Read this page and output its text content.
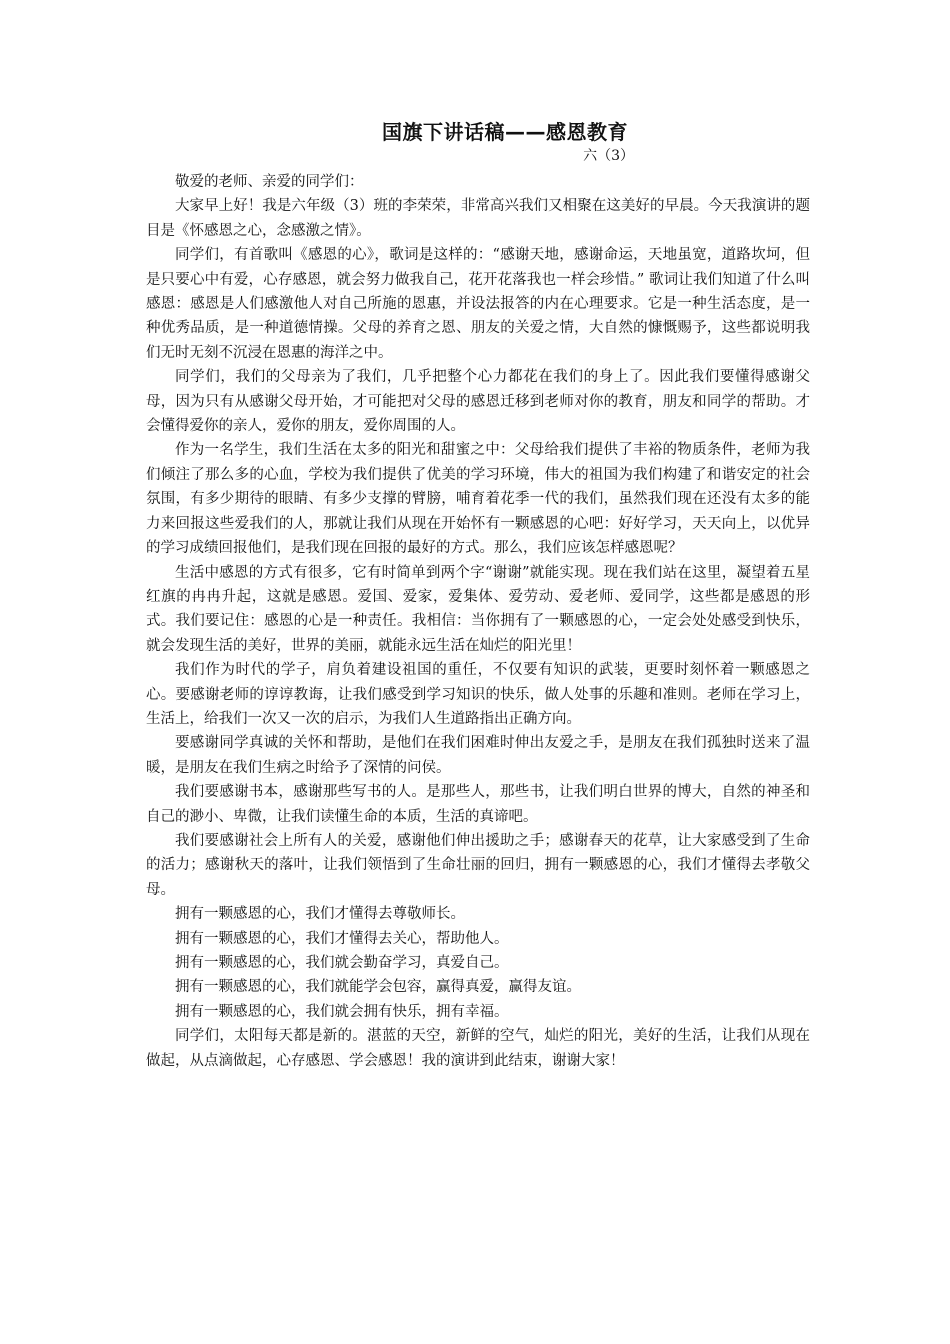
国旗下讲话稿——感恩教育
六（3）

敬爱的老师、亲爱的同学们：

大家早上好！我是六年级（3）班的李荣荣，非常高兴我们又相聚在这美好的早晨。今天我演讲的题目是《怀感恩之心，念感激之情》。

同学们，有首歌叫《感恩的心》，歌词是这样的：“感谢天地，感谢命运，天地虽宽，道路坎坷，但是只要心中有爱，心存感恩，就会努力做我自己，花开花落我也一样会珍惜。” 歌词让我们知道了什么叫感恩：感恩是人们感激他人对自己所施的恩惠，并设法报答的内在心理要求。它是一种生活态度，是一种优秀品质，是一种道德情操。父母的养育之恩、朋友的关爱之情，大自然的慷慨赐予，这些都说明我们无时无刻不沉浸在恩惠的海洋之中。

同学们，我们的父母亲为了我们，几乎把整个心力都花在我们的身上了。因此我们要懂得感谢父母，因为只有从感谢父母开始，才可能把对父母的感恩迁移到老师对你的教育，朋友和同学的帮助。才会懂得爱你的亲人，爱你的朋友，爱你周围的人。

作为一名学生，我们生活在太多的阳光和甜蜜之中：父母给我们提供了丰裕的物质条件，老师为我们倾注了那么多的心血，学校为我们提供了优美的学习环境，伟大的祖国为我们构建了和谐安定的社会氛围，有多少期待的眼睛、有多少支撑的臂膀，哺育着花季一代的我们，虽然我们现在还没有太多的能力来回报这些爱我们的人，那就让我们从现在开始怀有一颗感恩的心吧：好好学习，天天向上，以优异的学习成绩回报他们，是我们现在回报的最好的方式。那么，我们应该怎样感恩呢？

生活中感恩的方式有很多，它有时简单到两个字“谢谢”就能实现。现在我们站在这里，凝望着五星红旗的冉冉升起，这就是感恩。爱国、爱家，爱集体、爱劳动、爱老师、爱同学，这些都是感恩的形式。我们要记住：感恩的心是一种责任。我相信：当你拥有了一颗感恩的心，一定会处处感受到快乐，就会发现生活的美好，世界的美丽，就能永远生活在灿烂的阳光里！

我们作为时代的学子，肩负着建设祖国的重任，不仅要有知识的武装，更要时刻怀着一颗感恩之心。要感谢老师的谆谆教诲，让我们感受到学习知识的快乐，做人处事的乐趣和准则。老师在学习上，生活上，给我们一次又一次的启示，为我们人生道路指出正确方向。

要感谢同学真诚的关怀和帮助，是他们在我们困难时伸出友爱之手，是朋友在我们孤独时送来了温暖，是朋友在我们生病之时给予了深情的问侯。

我们要感谢书本，感谢那些写书的人。是那些人，那些书，让我们明白世界的博大，自然的神圣和自己的渺小、卑微，让我们读懂生命的本质，生活的真谛吧。

我们要感谢社会上所有人的关爱，感谢他们伸出援助之手；感谢春天的花草，让大家感受到了生命的活力；感谢秋天的落叶，让我们领悟到了生命壮丽的回归，拥有一颗感恩的心，我们才懂得去孝敬父母。

拥有一颗感恩的心，我们才懂得去尊敬师长。

拥有一颗感恩的心，我们才懂得去关心，帮助他人。

拥有一颗感恩的心，我们就会勤奋学习，真爱自己。

拥有一颗感恩的心，我们就能学会包容，赢得真爱，赢得友谊。

拥有一颗感恩的心，我们就会拥有快乐，拥有幸福。

同学们，太阳每天都是新的。湛蓝的天空，新鲜的空气，灿烂的阳光，美好的生活，让我们从现在做起，从点滴做起，心存感恩、学会感恩！我的演讲到此结束，谢谢大家！
